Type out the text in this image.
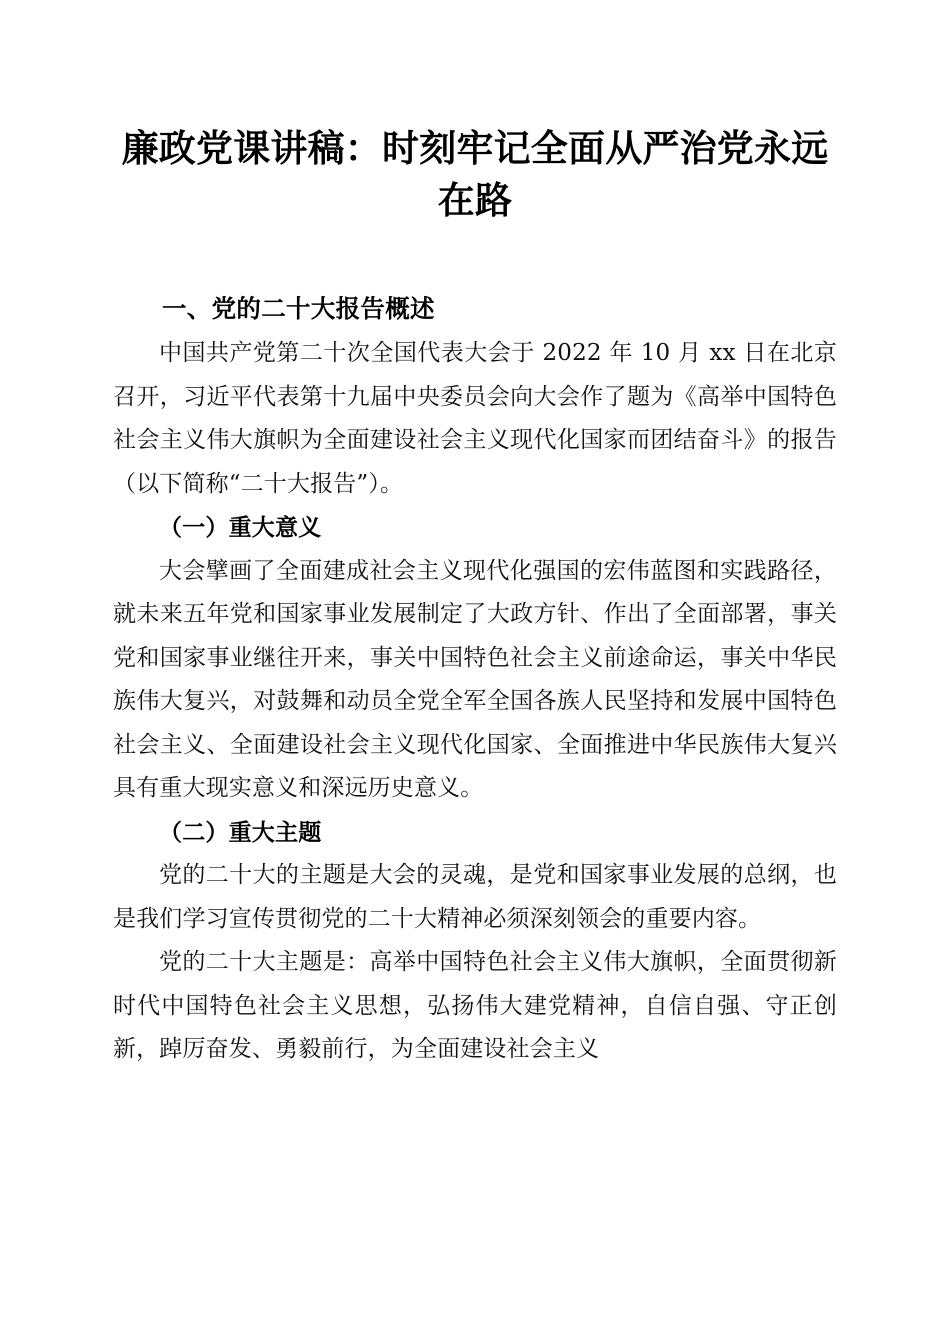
廉政党课讲稿：时刻牢记全面从严治党永远在路
一、党的二十大报告概述

中国共产党第二十次全国代表大会于 2022 年 10 月 xx 日在北京召开，习近平代表第十九届中央委员会向大会作了题为《高举中国特色社会主义伟大旗帜为全面建设社会主义现代化国家而团结奋斗》的报告（以下简称“二十大报告”）。

（一）重大意义

大会擘画了全面建成社会主义现代化强国的宏伟蓝图和实践路径，就未来五年党和国家事业发展制定了大政方针、作出了全面部署，事关党和国家事业继往开来，事关中国特色社会主义前途命运，事关中华民族伟大复兴，对鼓舞和动员全党全军全国各族人民坚持和发展中国特色社会主义、全面建设社会主义现代化国家、全面推进中华民族伟大复兴具有重大现实意义和深远历史意义。

（二）重大主题

党的二十大的主题是大会的灵魂，是党和国家事业发展的总纲，也是我们学习宣传贯彻党的二十大精神必须深刻领会的重要内容。

党的二十大主题是：高举中国特色社会主义伟大旗帜，全面贯彻新时代中国特色社会主义思想，弘扬伟大建党精神，自信自强、守正创新，踔厉奋发、勇毅前行，为全面建设社会主义
